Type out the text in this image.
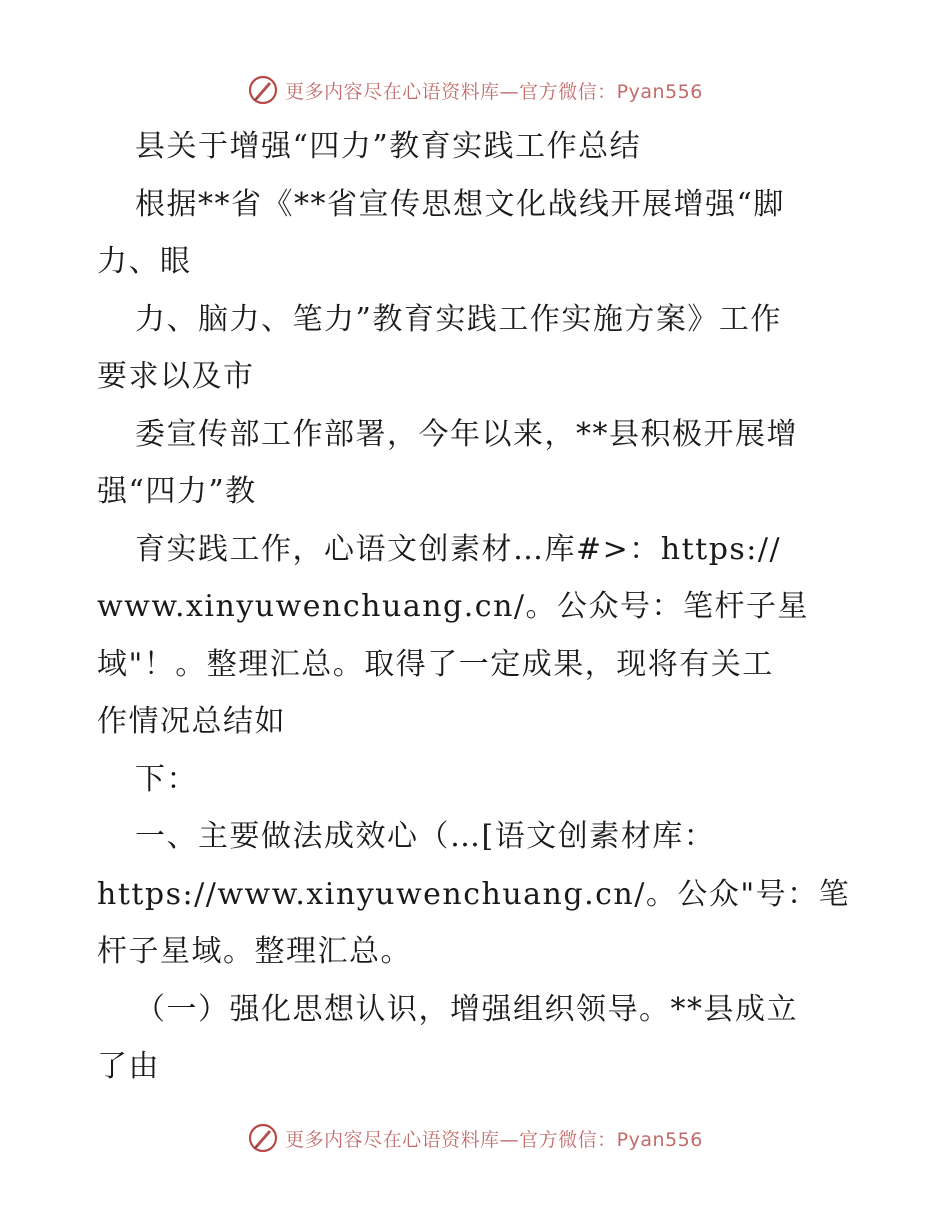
更多内容尽在心语资料库—官方微信：Pyan556
县关于增强“四力”教育实践工作总结
根据**省《**省宣传思想文化战线开展增强“脚
力、眼
力、脑力、笔力”教育实践工作实施方案》工作
要求以及市
委宣传部工作部署，今年以来，**县积极开展增
强“四力”教
育实践工作，心语文创素材…库#>：https://
www.xinyuwenchuang.cn/。公众号：笔杆子星
域"！。整理汇总。取得了一定成果，现将有关工
作情况总结如
下：
一、主要做法成效心（…[语文创素材库：
https://www.xinyuwenchuang.cn/。公众"号：笔
杆子星域。整理汇总。
（一）强化思想认识，增强组织领导。**县成立
了由
更多内容尽在心语资料库—官方微信：Pyan556
